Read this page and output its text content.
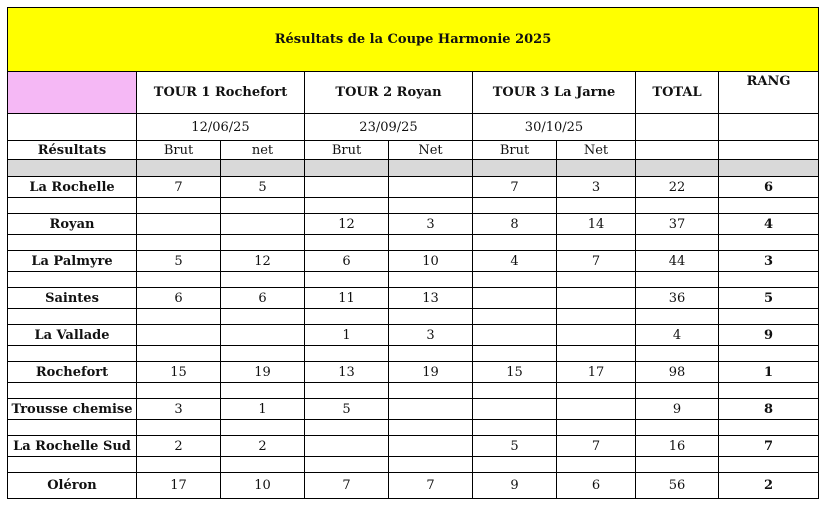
Résultats de la Coupe Harmonie 2025								
	TOUR 1 Rochefort		TOUR 2 Royan		TOUR 3 La Jarne		TOTAL	RANG
	12/06/25		23/09/25		30/10/25			
Résultats	Brut	net	Brut	Net	Brut	Net		

La Rochelle	7	5			7	3	22	6

Royan			12	3	8	14	37	4

La Palmyre	5	12	6	10	4	7	44	3

Saintes	6	6	11	13			36	5

La Vallade			1	3			4	9

Rochefort	15	19	13	19	15	17	98	1

Trousse chemise	3	1	5				9	8

La Rochelle Sud	2	2			5	7	16	7

Oléron	17	10	7	7	9	6	56	2
